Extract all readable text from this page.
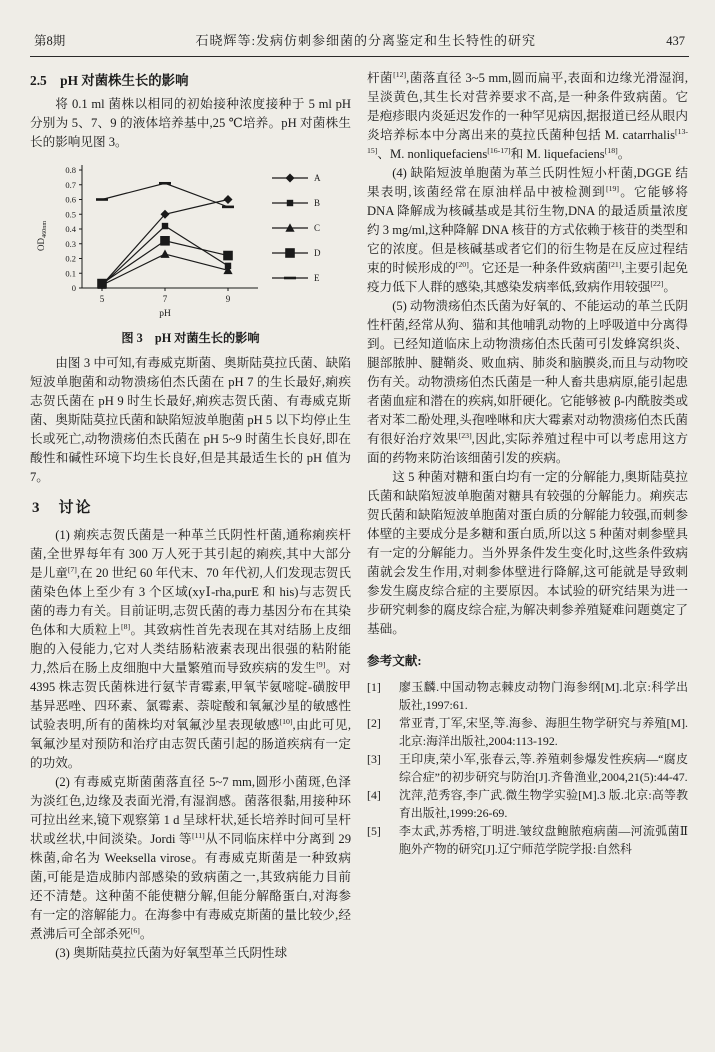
第8期	石晓辉等:发病仿刺参细菌的分离鉴定和生长特性的研究	437
2.5　pH 对菌株生长的影响

将 0.1 ml 菌株以相同的初始接种浓度接种于 5 ml pH 分别为 5、7、9 的液体培养基中,25 ℃培养。pH 对菌株生长的影响见图 3。

0
0.1
0.2
0.3
0.4
0.5
0.6
0.7
0.8
5	7	9
pH
$OD_{460nm}$
A
B
C
D
E
图 3　pH 对菌生长的影响

由图 3 中可知,有毒威克斯菌、奥斯陆莫拉氏菌、缺陷短波单胞菌和动物溃疡伯杰氏菌在 pH 7 的生长最好,痢疾志贺氏菌在 pH 9 时生长最好,痢疾志贺氏菌、有毒威克斯菌、奥斯陆莫拉氏菌和缺陷短波单胞菌 pH 5 以下均停止生长或死亡,动物溃疡伯杰氏菌在 pH 5~9 时菌生长良好,即在酸性和碱性环境下均生长良好,但是其最适生长的 pH 值为 7。

3　讨论

(1) 痢疾志贺氏菌是一种革兰氏阴性杆菌,通称痢疾杆菌,全世界每年有 300 万人死于其引起的痢疾,其中大部分是儿童[7],在 20 世纪 60 年代末、70 年代初,人们发现志贺氏菌染色体上至少有 3 个区域(xyⅠ-rha,purE 和 his)与志贺氏菌的毒力有关。目前证明,志贺氏菌的毒力基因分布在其染色体和大质粒上[8]。其致病性首先表现在其对结肠上皮细胞的入侵能力,它对人类结肠粘液素表现出很强的粘附能力,然后在肠上皮细胞中大量繁殖而导致疾病的发生[9]。对 4395 株志贺氏菌株进行氨苄青霉素,甲氧苄氨嘧啶-磺胺甲基异恶唑、四环素、氯霉素、萘啶酸和氧氟沙星的敏感性试验表明,所有的菌株均对氧氟沙星表现敏感[10],由此可见,氧氟沙星对预防和治疗由志贺氏菌引起的肠道疾病有一定的功效。

(2) 有毒威克斯菌菌落直径 5~7 mm,圆形小菌斑,色泽为淡红色,边缘及表面光滑,有湿润感。菌落很黏,用接种环可拉出丝来,镜下观察第 1 d 呈球杆状,延长培养时间可呈杆状或丝状,中间淡染。Jordi 等[11]从不同临床样中分离到 29 株菌,命名为 Weeksella virose。有毒威克斯菌是一种致病菌,可能是造成肺内部感染的致病菌之一,其致病能力目前还不清楚。这种菌不能使糖分解,但能分解酪蛋白,对海参有一定的溶解能力。在海参中有毒威克斯菌的量比较少,经煮沸后可全部杀死[6]。

(3) 奥斯陆莫拉氏菌为好氧型革兰氏阴性球

杆菌[12],菌落直径 3~5 mm,圆而扁平,表面和边缘光滑湿润,呈淡黄色,其生长对营养要求不高,是一种条件致病菌。它是疱疹眼内炎延迟发作的一种罕见病因,据报道已经从眼内炎培养标本中分离出来的莫拉氏菌种包括 M. catarrhalis[13-15]、M. nonliquefaciens[16-17]和 M. liquefaciens[18]。

(4) 缺陷短波单胞菌为革兰氏阴性短小杆菌,DGGE 结果表明,该菌经常在原油样品中被检测到[19]。它能够将 DNA 降解成为核碱基或是其衍生物,DNA 的最适质量浓度约 3 mg/ml,这种降解 DNA 核苷的方式依赖于核苷的类型和它的浓度。但是核碱基或者它们的衍生物是在反应过程结束的时候形成的[20]。它还是一种条件致病菌[21],主要引起免疫力低下人群的感染,其感染发病率低,致病作用较强[22]。

(5) 动物溃疡伯杰氏菌为好氧的、不能运动的革兰氏阴性杆菌,经常从狗、猫和其他哺乳动物的上呼吸道中分离得到。已经知道临床上动物溃疡伯杰氏菌可引发蜂窝织炎、腿部脓肿、腱鞘炎、败血病、肺炎和脑膜炎,而且与动物咬伤有关。动物溃疡伯杰氏菌是一种人畜共患病原,能引起患者菌血症和潜在的疾病,如肝硬化。它能够被 β-内酰胺类或者对苯二酚处理,头孢唑啉和庆大霉素对动物溃疡伯杰氏菌有很好治疗效果[23],因此,实际养殖过程中可以考虑用这方面的药物来防治该细菌引发的疾病。

这 5 种菌对糖和蛋白均有一定的分解能力,奥斯陆莫拉氏菌和缺陷短波单胞菌对糖具有较强的分解能力。痢疾志贺氏菌和缺陷短波单胞菌对蛋白质的分解能力较强,而刺参体壁的主要成分是多糖和蛋白质,所以这 5 种菌对刺参壁具有一定的分解能力。当外界条件发生变化时,这些条件致病菌就会发生作用,对刺参体壁进行降解,这可能就是导致刺参发生腐皮综合症的主要原因。本试验的研究结果为进一步研究刺参的腐皮综合症,为解决刺参养殖疑难问题奠定了基础。

参考文献:
[1]	廖玉麟.中国动物志棘皮动物门海参纲[M].北京:科学出版社,1997:61.
[2]	常亚青,丁军,宋坚,等.海参、海胆生物学研究与养殖[M].北京:海洋出版社,2004:113-192.
[3]	王印庚,荣小军,张春云,等.养殖刺参爆发性疾病—“腐皮综合症”的初步研究与防治[J].齐鲁渔业,2004,21(5):44-47.
[4]	沈萍,范秀容,李广武.微生物学实验[M].3 版.北京:高等教育出版社,1999:26-69.
[5]	李太武,苏秀榕,丁明进.皱纹盘鲍脓疱病菌—河流弧菌Ⅱ胞外产物的研究[J].辽宁师范学院学报:自然科
